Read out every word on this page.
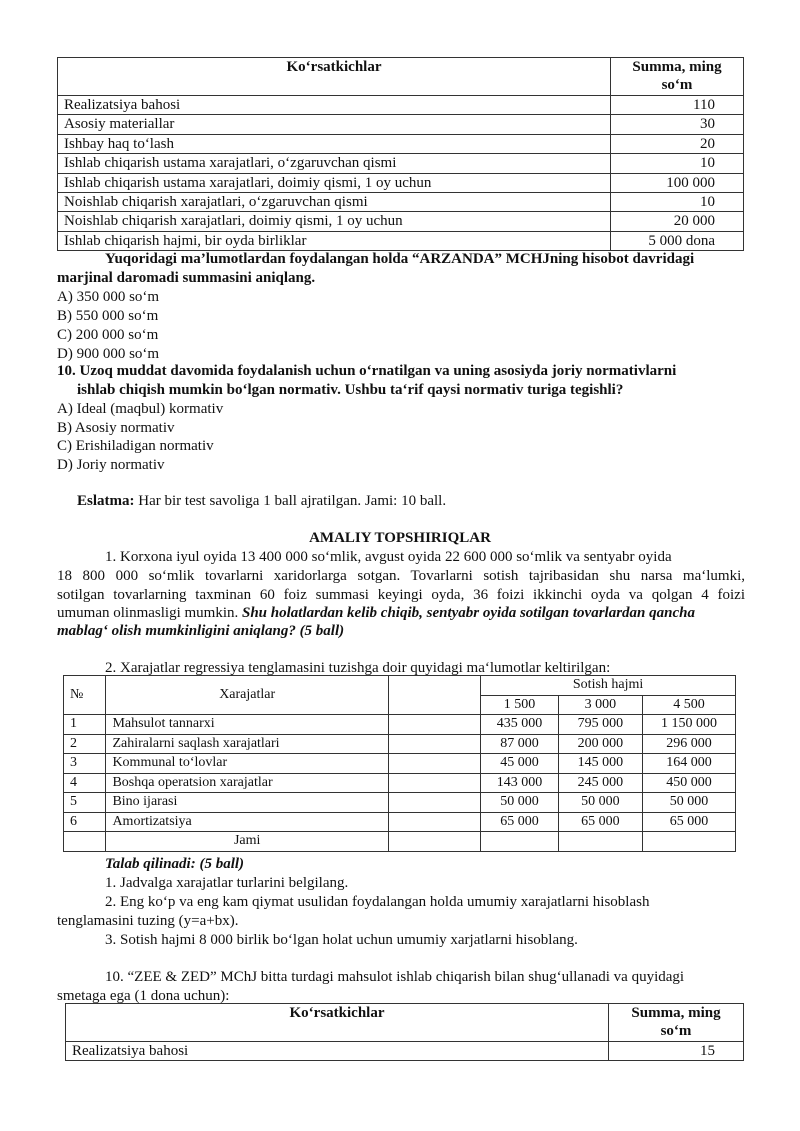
Ko‘rsatkichlar	Summa, ming so‘m
Realizatsiya bahosi	110
Asosiy materiallar	30
Ishbay haq to‘lash	20
Ishlab chiqarish ustama xarajatlari, o‘zgaruvchan qismi	10
Ishlab chiqarish ustama xarajatlari, doimiy qismi, 1 oy uchun	100 000
Noishlab chiqarish xarajatlari, o‘zgaruvchan qismi	10
Noishlab chiqarish xarajatlari, doimiy qismi, 1 oy uchun	20 000
Ishlab chiqarish hajmi, bir oyda birliklar	5 000 dona
Yuqoridagi ma’lumotlardan foydalangan holda “ARZANDA” MCHJning hisobot davridagi
marjinal daromadi summasini aniqlang.
A) 350 000 so‘m
B) 550 000 so‘m
C) 200 000 so‘m
D) 900 000 so‘m
10. Uzoq muddat davomida foydalanish uchun o‘rnatilgan va uning asosiyda joriy normativlarni
ishlab chiqish mumkin bo‘lgan normativ. Ushbu ta‘rif qaysi normativ turiga tegishli?
A) Ideal (maqbul) kormativ
B) Asosiy normativ
C) Erishiladigan normativ
D) Joriy normativ
Eslatma: Har bir test savoliga 1 ball ajratilgan. Jami: 10 ball.
AMALIY TOPSHIRIQLAR
1. Korxona iyul oyida 13 400 000 so‘mlik, avgust oyida 22 600 000 so‘mlik va sentyabr oyida
18 800 000 so‘mlik tovarlarni xaridorlarga sotgan. Tovarlarni sotish tajribasidan shu narsa ma‘lumki,
sotilgan tovarlarning taxminan 60 foiz summasi keyingi oyda, 36 foizi ikkinchi oyda va qolgan 4 foizi
umuman olinmasligi mumkin. Shu holatlardan kelib chiqib, sentyabr oyida sotilgan tovarlardan qancha
mablag‘ olish mumkinligini aniqlang? (5 ball)
2. Xarajatlar regressiya tenglamasini tuzishga doir quyidagi ma‘lumotlar keltirilgan:
№	Xarajatlar		Sotish hajmi		
			1 500	3 000	4 500
1	Mahsulot tannarxi		435 000	795 000	1 150 000
2	Zahiralarni saqlash xarajatlari		87 000	200 000	296 000
3	Kommunal to‘lovlar		45 000	145 000	164 000
4	Boshqa operatsion xarajatlar		143 000	245 000	450 000
5	Bino ijarasi		50 000	50 000	50 000
6	Amortizatsiya		65 000	65 000	65 000
	Jami				
Talab qilinadi: (5 ball)
1. Jadvalga xarajatlar turlarini belgilang.
2. Eng ko‘p va eng kam qiymat usulidan foydalangan holda umumiy xarajatlarni hisoblash
tenglamasini tuzing (y=a+bx).
3. Sotish hajmi 8 000 birlik bo‘lgan holat uchun umumiy xarjatlarni hisoblang.
10. “ZEE & ZED” MChJ bitta turdagi mahsulot ishlab chiqarish bilan shug‘ullanadi va quyidagi
smetaga ega (1 dona uchun):
Ko‘rsatkichlar	Summa, ming so‘m
Realizatsiya bahosi	15
